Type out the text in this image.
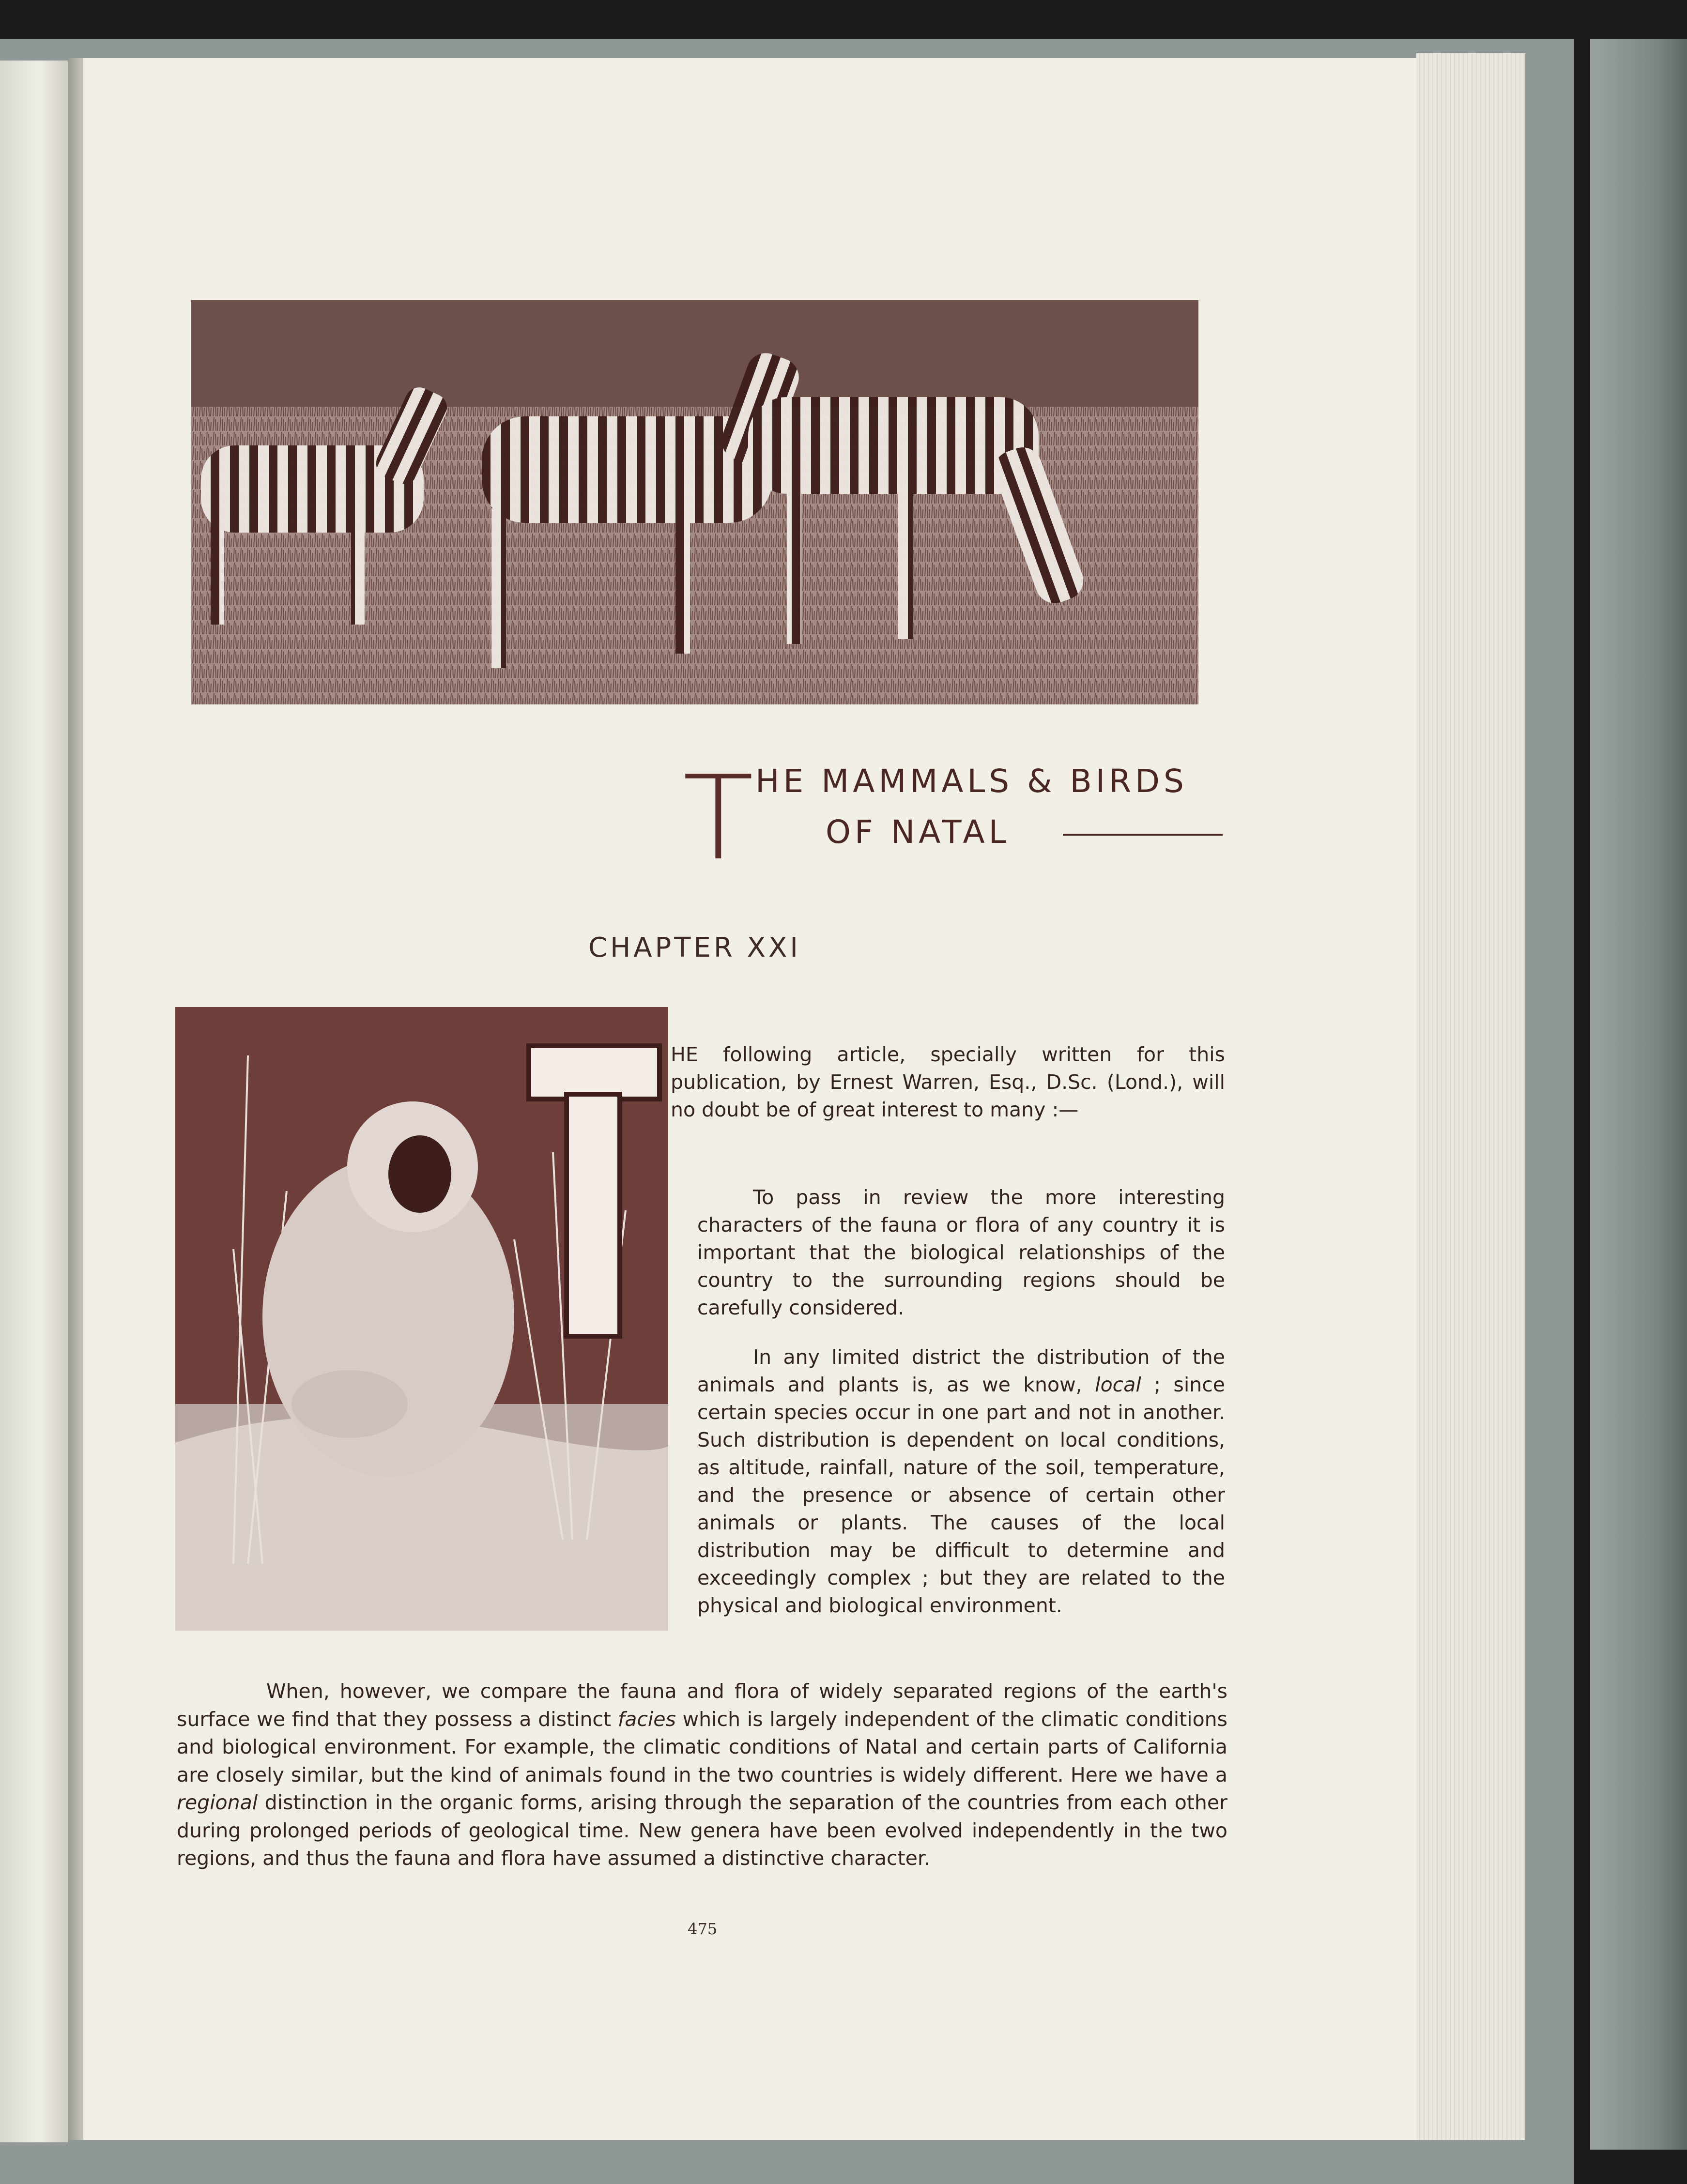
T HE MAMMALS & BIRDS
OF NATAL
CHAPTER XXI

HE following article, specially written for this publication, by Ernest Warren, Esq., D.Sc. (Lond.), will no doubt be of great interest to many :—

To pass in review the more interesting characters of the fauna or flora of any country it is important that the biological relationships of the country to the surrounding regions should be carefully considered.

In any limited district the distribution of the animals and plants is, as we know, local ; since certain species occur in one part and not in another. Such distribution is dependent on local conditions, as altitude, rainfall, nature of the soil, temperature, and the presence or absence of certain other animals or plants. The causes of the local distribution may be difficult to determine and exceedingly complex ; but they are related to the physical and biological environment.

When, however, we compare the fauna and flora of widely separated regions of the earth's surface we find that they possess a distinct facies which is largely independent of the climatic conditions and biological environment. For example, the climatic conditions of Natal and certain parts of California are closely similar, but the kind of animals found in the two countries is widely different. Here we have a regional distinction in the organic forms, arising through the separation of the countries from each other during prolonged periods of geological time. New genera have been evolved independently in the two regions, and thus the fauna and flora have assumed a distinctive character.

475
